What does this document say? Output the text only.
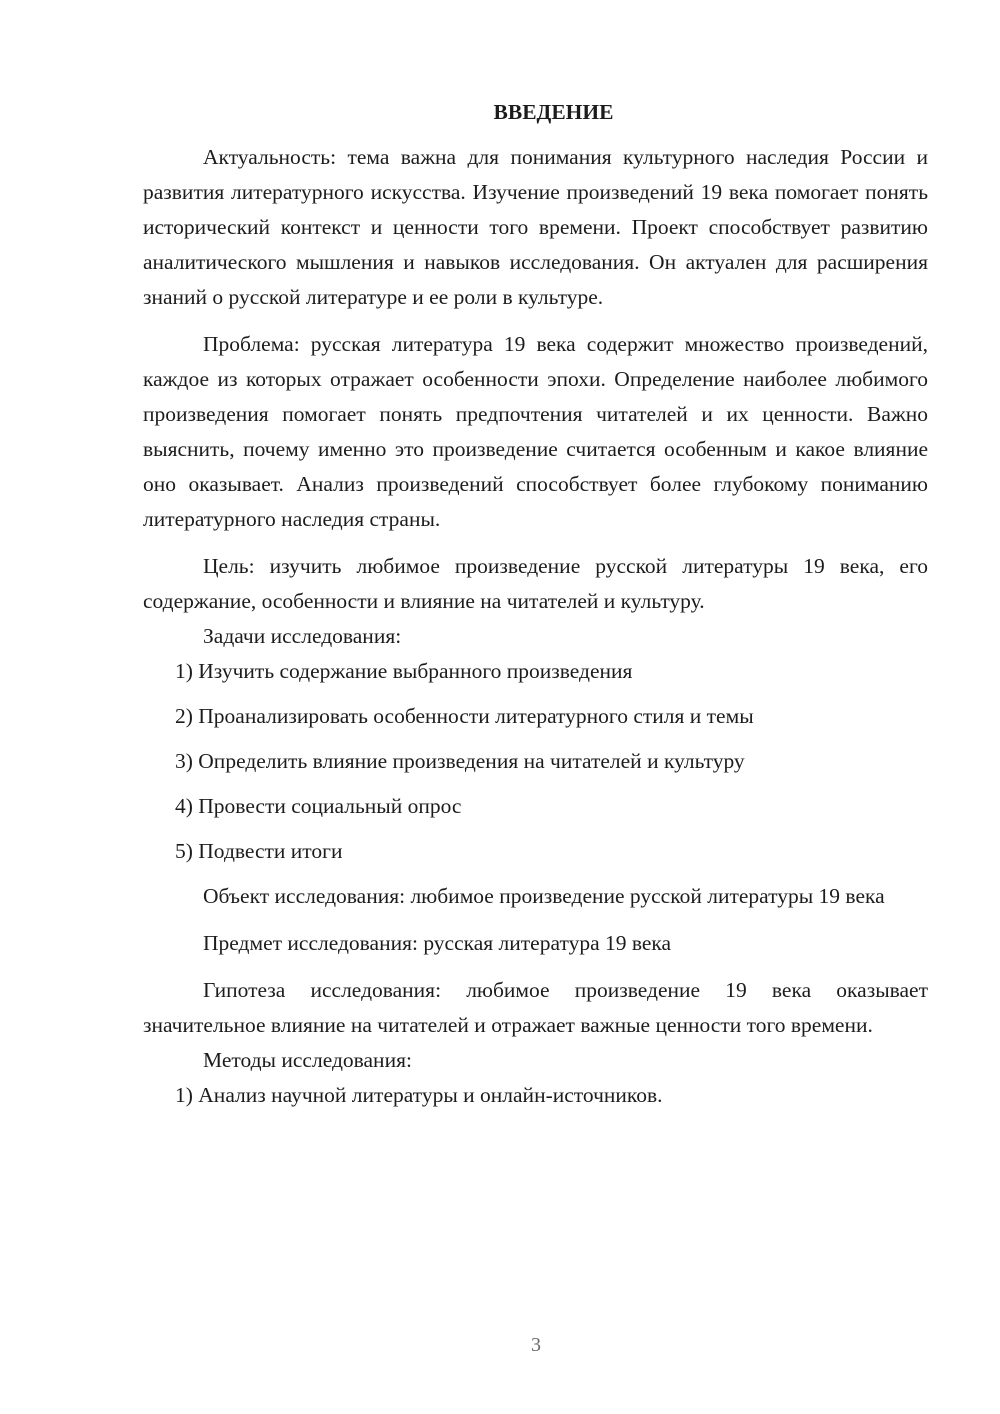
ВВЕДЕНИЕ

Актуальность: тема важна для понимания культурного наследия России и развития литературного искусства. Изучение произведений 19 века помогает понять исторический контекст и ценности того времени. Проект способствует развитию аналитического мышления и навыков исследования. Он актуален для расширения знаний о русской литературе и ее роли в культуре.

Проблема: русская литература 19 века содержит множество произведений, каждое из которых отражает особенности эпохи. Определение наиболее любимого произведения помогает понять предпочтения читателей и их ценности. Важно выяснить, почему именно это произведение считается особенным и какое влияние оно оказывает. Анализ произведений способствует более глубокому пониманию литературного наследия страны.

Цель: изучить любимое произведение русской литературы 19 века, его содержание, особенности и влияние на читателей и культуру.

Задачи исследования:

1) Изучить содержание выбранного произведения
2) Проанализировать особенности литературного стиля и темы
3) Определить влияние произведения на читателей и культуру
4) Провести социальный опрос
5) Подвести итоги

Объект исследования: любимое произведение русской литературы 19 века

Предмет исследования: русская литература 19 века

Гипотеза исследования: любимое произведение 19 века оказывает значительное влияние на читателей и отражает важные ценности того времени.

Методы исследования:

1) Анализ научной литературы и онлайн-источников.
3
